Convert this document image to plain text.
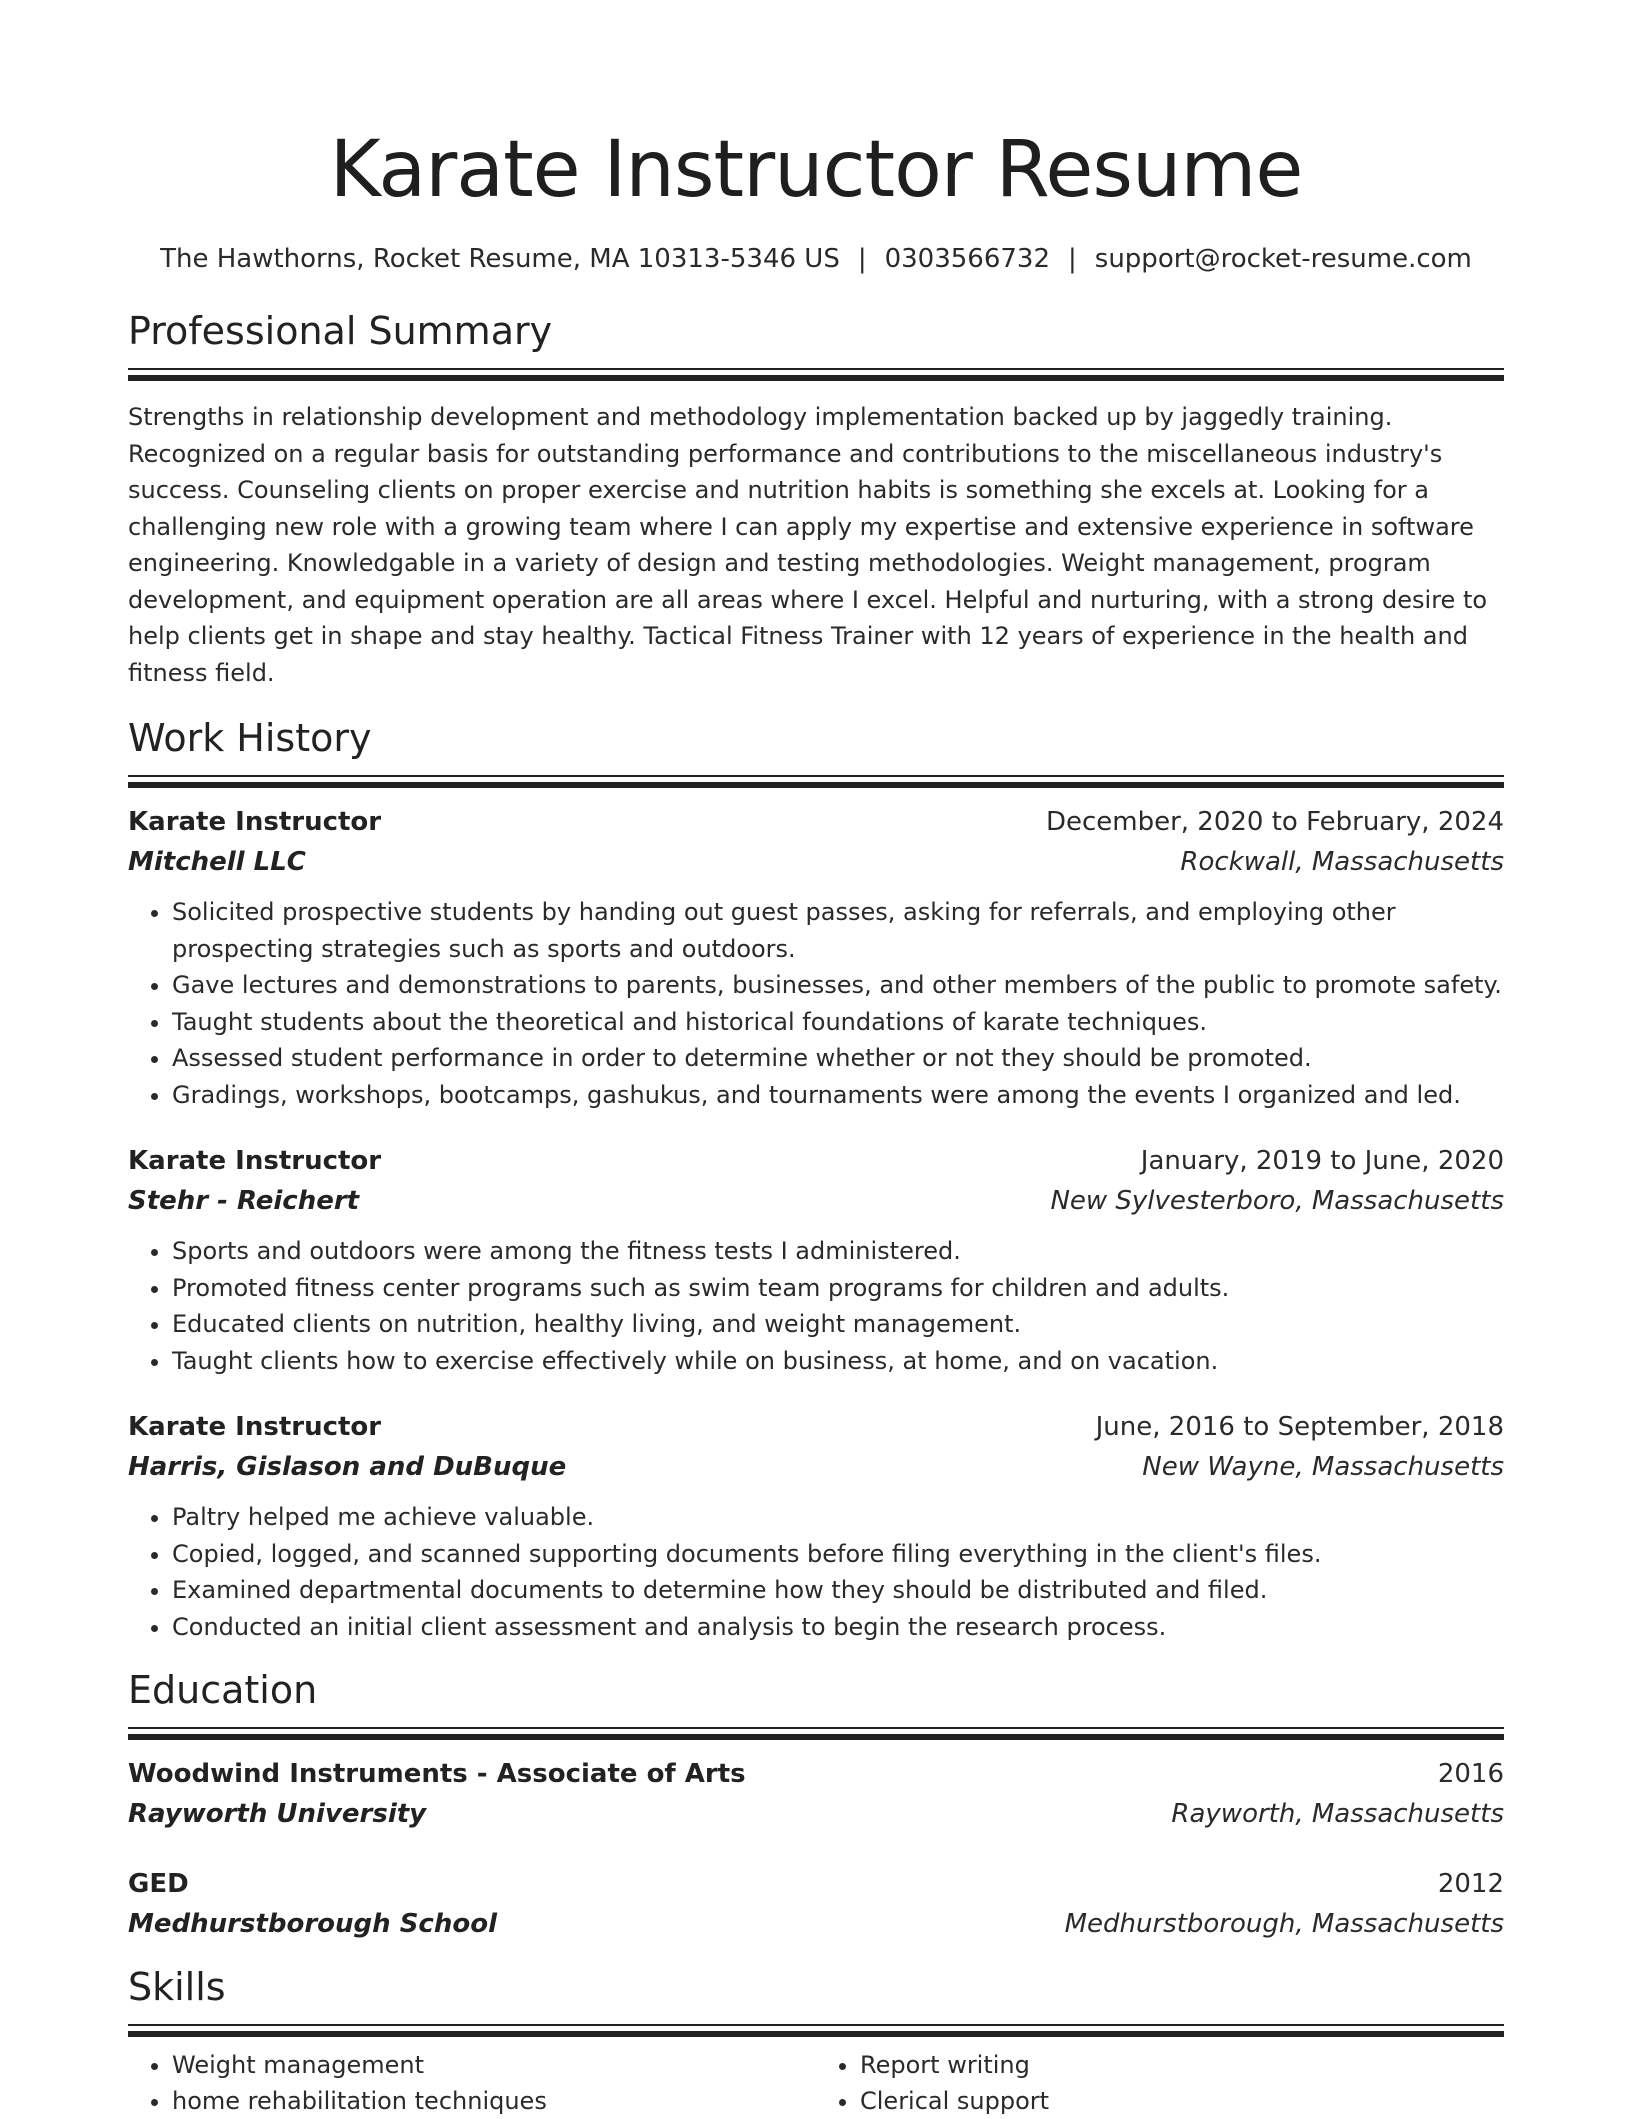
Karate Instructor Resume
The Hawthorns, Rocket Resume, MA 10313-5346 US | 0303566732 | support@rocket-resume.com
Professional Summary
Strengths in relationship development and methodology implementation backed up by jaggedly training. Recognized on a regular basis for outstanding performance and contributions to the miscellaneous industry's success. Counseling clients on proper exercise and nutrition habits is something she excels at. Looking for a challenging new role with a growing team where I can apply my expertise and extensive experience in software engineering. Knowledgable in a variety of design and testing methodologies. Weight management, program development, and equipment operation are all areas where I excel. Helpful and nurturing, with a strong desire to help clients get in shape and stay healthy. Tactical Fitness Trainer with 12 years of experience in the health and fitness field.
Work History
Karate Instructor	December, 2020 to February, 2024
Mitchell LLC	Rockwall, Massachusetts
• Solicited prospective students by handing out guest passes, asking for referrals, and employing other prospecting strategies such as sports and outdoors.
• Gave lectures and demonstrations to parents, businesses, and other members of the public to promote safety.
• Taught students about the theoretical and historical foundations of karate techniques.
• Assessed student performance in order to determine whether or not they should be promoted.
• Gradings, workshops, bootcamps, gashukus, and tournaments were among the events I organized and led.
Karate Instructor	January, 2019 to June, 2020
Stehr - Reichert	New Sylvesterboro, Massachusetts
• Sports and outdoors were among the fitness tests I administered.
• Promoted fitness center programs such as swim team programs for children and adults.
• Educated clients on nutrition, healthy living, and weight management.
• Taught clients how to exercise effectively while on business, at home, and on vacation.
Karate Instructor	June, 2016 to September, 2018
Harris, Gislason and DuBuque	New Wayne, Massachusetts
• Paltry helped me achieve valuable.
• Copied, logged, and scanned supporting documents before filing everything in the client's files.
• Examined departmental documents to determine how they should be distributed and filed.
• Conducted an initial client assessment and analysis to begin the research process.
Education
Woodwind Instruments - Associate of Arts	2016
Rayworth University	Rayworth, Massachusetts
GED	2012
Medhurstborough School	Medhurstborough, Massachusetts
Skills
• Weight management
• home rehabilitation techniques
• Report writing
• Clerical support
